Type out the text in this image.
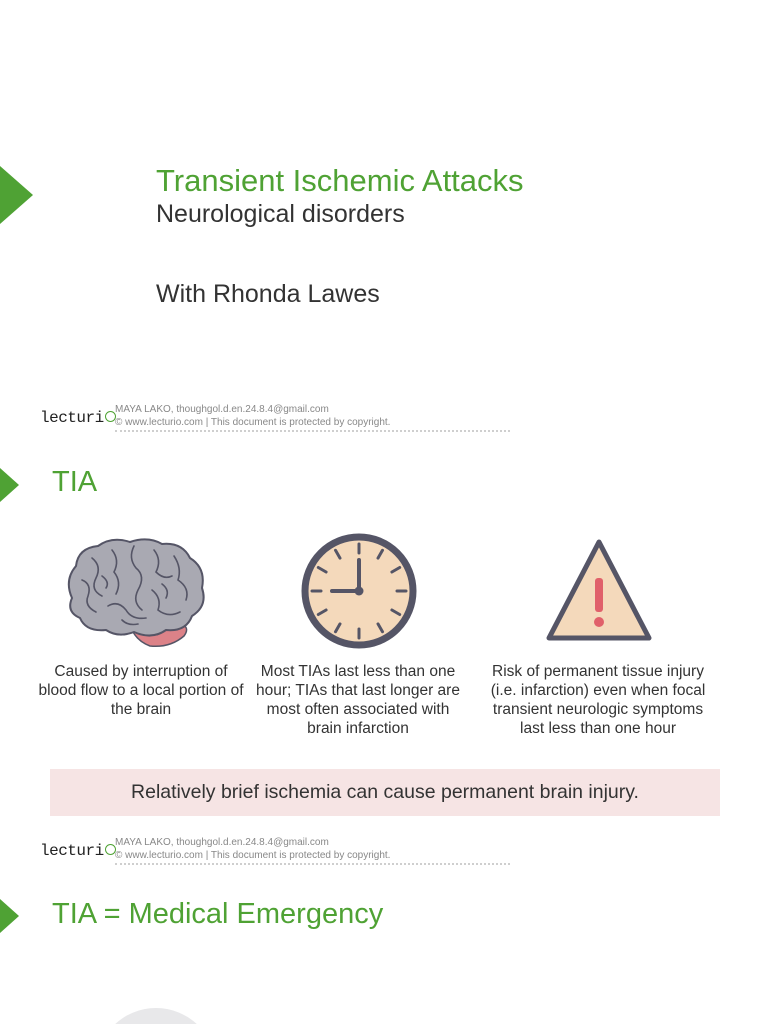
Transient Ischemic Attacks
Neurological disorders
With Rhonda Lawes
lecturi	MAYA LAKO, thoughgol.d.en.24.8.4@gmail.com
© www.lecturio.com | This document is protected by copyright.
TIA
Caused by interruption of blood flow to a local portion of the brain
Most TIAs last less than one hour; TIAs that last longer are most often associated with brain infarction
Risk of permanent tissue injury (i.e. infarction) even when focal transient neurologic symptoms last less than one hour
Relatively brief ischemia can cause permanent brain injury.
lecturi	MAYA LAKO, thoughgol.d.en.24.8.4@gmail.com
© www.lecturio.com | This document is protected by copyright.
TIA = Medical Emergency
